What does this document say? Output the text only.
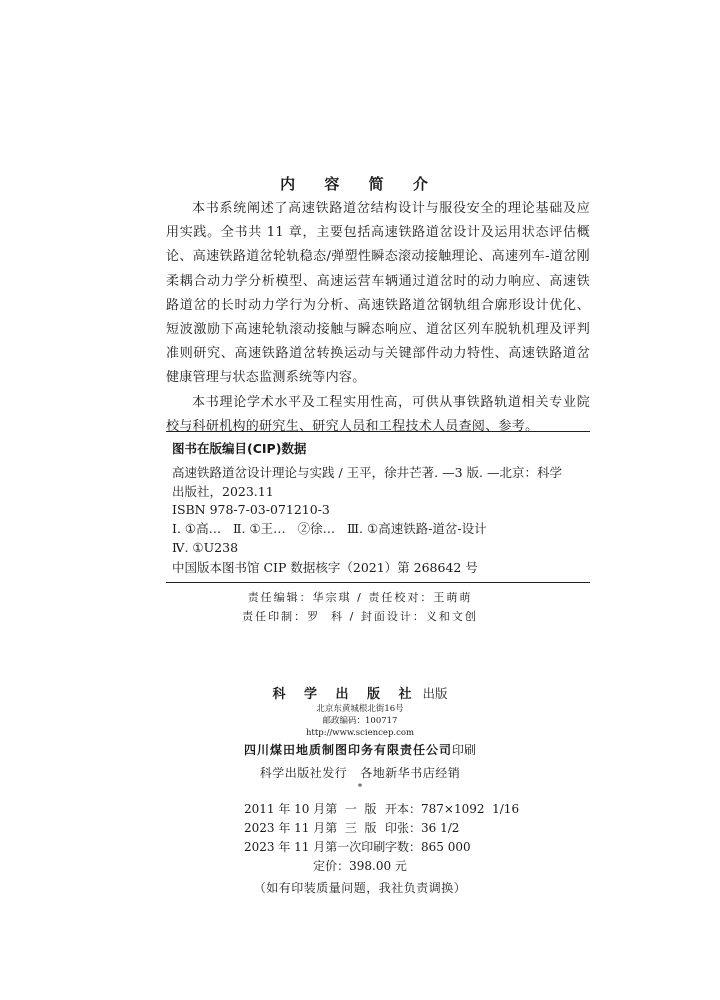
内 容 简 介

本书系统阐述了高速铁路道岔结构设计与服役安全的理论基础及应用实践。全书共 11 章，主要包括高速铁路道岔设计及运用状态评估概论、高速铁路道岔轮轨稳态/弹塑性瞬态滚动接触理论、高速列车-道岔刚柔耦合动力学分析模型、高速运营车辆通过道岔时的动力响应、高速铁路道岔的长时动力学行为分析、高速铁路道岔钢轨组合廓形设计优化、短波激励下高速轮轨滚动接触与瞬态响应、道岔区列车脱轨机理及评判准则研究、高速铁路道岔转换运动与关键部件动力特性、高速铁路道岔健康管理与状态监测系统等内容。

本书理论学术水平及工程实用性高，可供从事铁路轨道相关专业院校与科研机构的研究生、研究人员和工程技术人员查阅、参考。

图书在版编目(CIP)数据
高速铁路道岔设计理论与实践 / 王平，徐井芒著. —3 版. —北京：科学
出版社，2023.11
ISBN 978-7-03-071210-3
Ⅰ. ①高…   Ⅱ. ①王…   ②徐…   Ⅲ. ①高速铁路-道岔-设计
Ⅳ. ①U238
中国版本图书馆 CIP 数据核字（2021）第 268642 号
责任编辑：华宗琪 / 责任校对：王萌萌
责任印制：罗  科 / 封面设计：义和文创
科 学 出 版 社 出版
北京东黄城根北街16号
邮政编码：100717
http://www.sciencep.com
四川煤田地质制图印务有限责任公司印刷
科学出版社发行   各地新华书店经销
*
2011 年 10 月第  一  版 开本：787×1092  1/16
2023 年 11 月第  三  版 印张：36 1/2
2023 年 11 月第一次印刷 字数：865 000
定价：398.00 元
（如有印装质量问题，我社负责调换）
